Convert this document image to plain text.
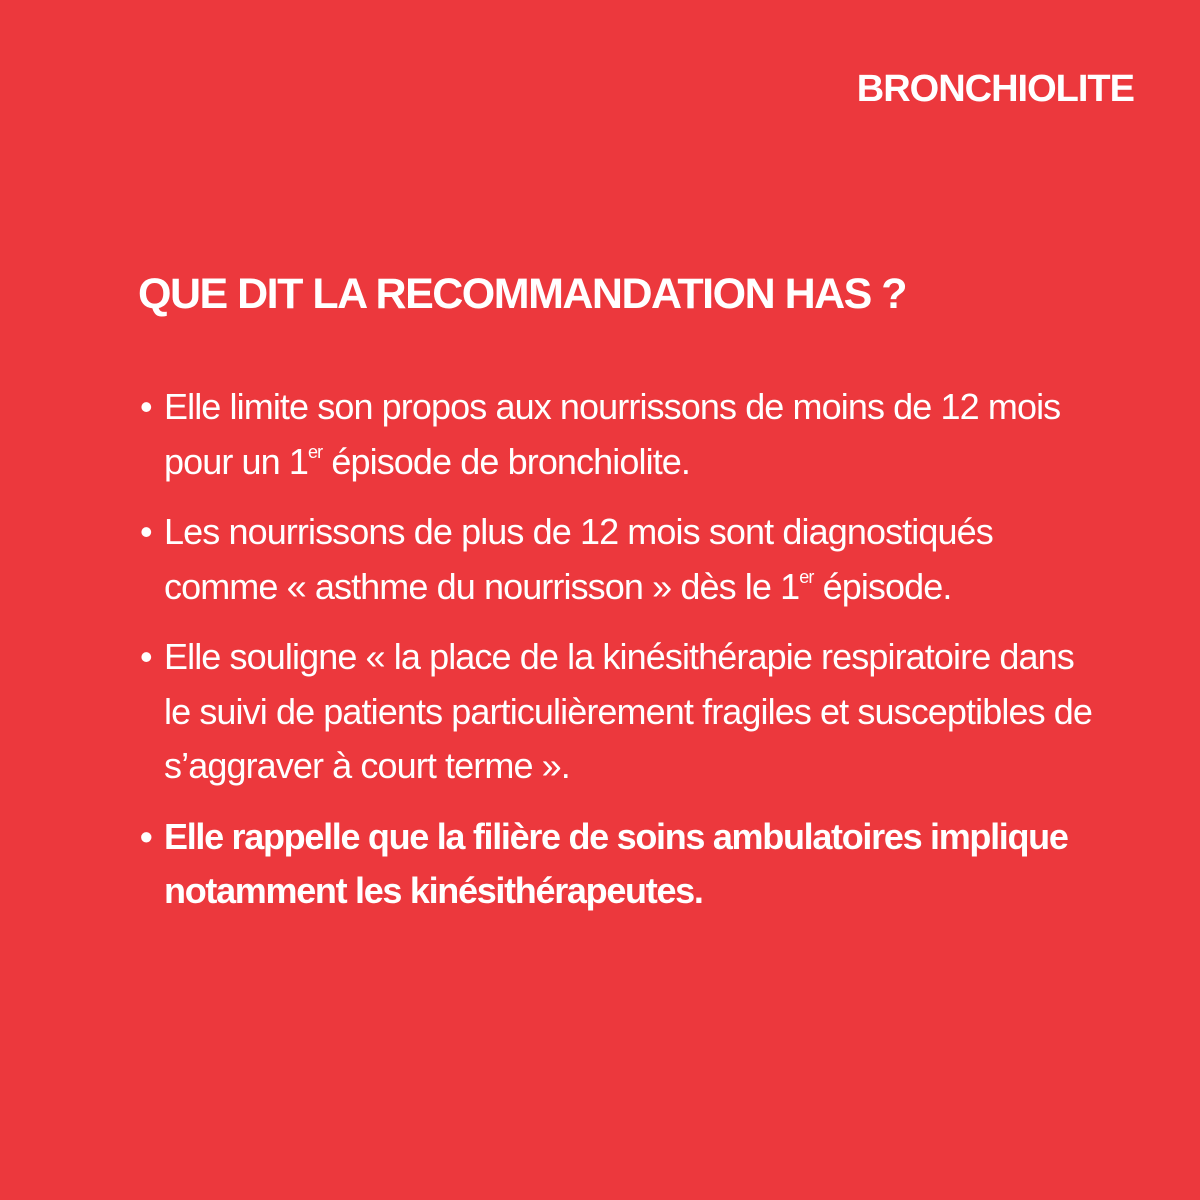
BRONCHIOLITE
QUE DIT LA RECOMMANDATION HAS ?
• Elle limite son propos aux nourrissons de moins de 12 mois pour un 1er épisode de bronchiolite.
• Les nourrissons de plus de 12 mois sont diagnostiqués comme « asthme du nourrisson » dès le 1er épisode.
• Elle souligne « la place de la kinésithérapie respiratoire dans le suivi de patients particulièrement fragiles et susceptibles de s’aggraver à court terme ».
• Elle rappelle que la filière de soins ambulatoires implique notamment les kinésithérapeutes.
